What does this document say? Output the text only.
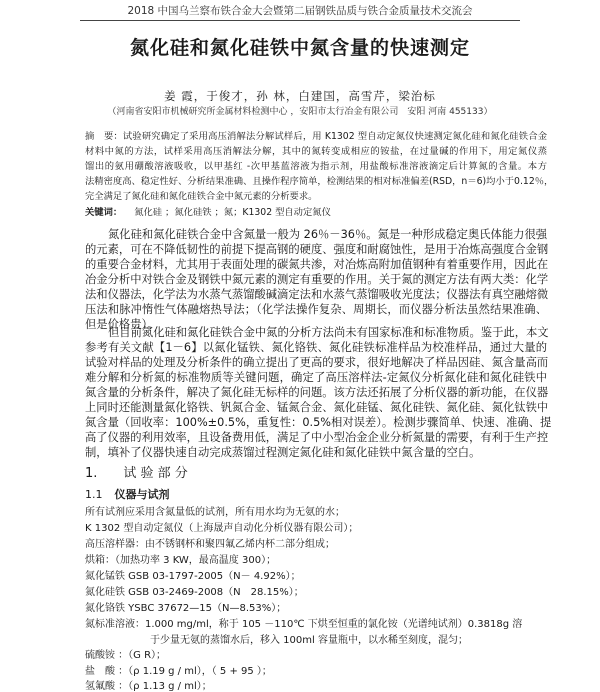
2018 中国乌兰察布铁合金大会暨第二届钢铁品质与铁合金质量技术交流会
氮化硅和氮化硅铁中氮含量的快速测定
姜 霞，于俊才，孙 林，白建国，高雪芹，梁治标
（河南省安阳市机械研究所金属材料检测中心 ，安阳市太行冶金有限公司　安阳 河南 455133）
摘　要：试验研究确定了采用高压消解法分解试样后，用 K1302 型自动定氮仪快速测定氮化硅和氮化硅铁合金
材料中氮的方法，试样采用高压消解法分解，其中的氮转变成相应的铵盐，在过量碱的作用下，用定氮仪蒸
馏出的氨用硼酸溶液吸收，以甲基红 -次甲基蓝溶液为指示剂，用盐酸标准溶液滴定后计算氮的含量。本方
法精密度高、稳定性好、分析结果准确、且操作程序简单，检测结果的相对标准偏差(RSD，n＝6)均小于0.12％，
完全满足了氮化硅和氮化硅铁合金中氮元素的分析要求。
关键词： 氮化硅 ；氮化硅铁 ；氮；K1302 型自动定氮仪
氮化硅和氮化硅铁合金中含氮量一般为 26％－36％。氮是一种形成稳定奥氏体能力很强
的元素，可在不降低韧性的前提下提高钢的硬度、强度和耐腐蚀性，是用于冶炼高强度合金钢
的重要合金材料，尤其用于表面处理的碳氮共渗，对冶炼高附加值钢种有着重要作用，因此在
冶金分析中对铁合金及钢铁中氮元素的测定有重要的作用。关于氮的测定方法有两大类：化学
法和仪器法，化学法为水蒸气蒸馏酸碱滴定法和水蒸气蒸馏吸收光度法；仪器法有真空融熔微
压法和脉冲惰性气体融熔热导法；（化学法操作复杂、周期长，而仪器分析法虽然结果准确、
但是价格贵）。
但目前氮化硅和氮化硅铁合金中氮的分析方法尚未有国家标准和标准物质。鉴于此，本文
参考有关文献【1－6】以氮化锰铁、氮化铬铁、氮化硅铁标准样品为校准样品，通过大量的
试验对样品的处理及分析条件的确立提出了更高的要求，很好地解决了样品因硅、氮含量高而
难分解和分析氮的标准物质等关键问题，确定了高压溶样法-定氮仪分析氮化硅和氮化硅铁中
氮含量的分析条件，解决了氮化硅无标样的问题。该方法还拓展了分析仪器的新功能，在仪器
上同时还能测量氮化铬铁、钒氮合金、锰氮合金、氮化硅锰、氮化硅铁、氮化硅、氮化钛铁中
氮含量（回收率：100%±0.5%，重复性：0.5%相对误差）。检测步骤简单、快速、准确、提
高了仪器的利用效率，且设备费用低，满足了中小型冶金企业分析氮量的需要，有利于生产控
制，填补了仪器快速自动完成蒸馏过程测定氮化硅和氮化硅铁中氮含量的空白。
1. 试 验 部 分
1.1 仪器与试剂
所有试剂应采用含氮量低的试剂，所有用水均为无氨的水；
K 1302 型自动定氮仪（上海晟声自动化分析仪器有限公司）；
高压溶样器：由不锈钢杯和聚四氟乙烯内杯二部分组成；
烘箱：（加热功率 3 KW，最高温度 300）；
氮化锰铁 GSB 03-1797-2005（N－ 4.92%）；
氮化硅铁 GSB 03-2469-2008（N　28.15%）；
氮化铬铁 YSBC 37672—15（N—8.53%）；
氮标准溶液：1.000 mg/ml，称于 105 －110℃ 下烘至恒重的氯化铵（光谱纯试剂）0.3818g 溶
于少量无氨的蒸馏水后，移入 100ml 容量瓶中，以水稀至刻度，混匀；
硫酸铵 ：（G R）；
盐　酸 ：（ρ 1.19 g / ml），（ 5 + 95 ）；
氢氟酸 ：（ρ 1.13 g / ml）；
